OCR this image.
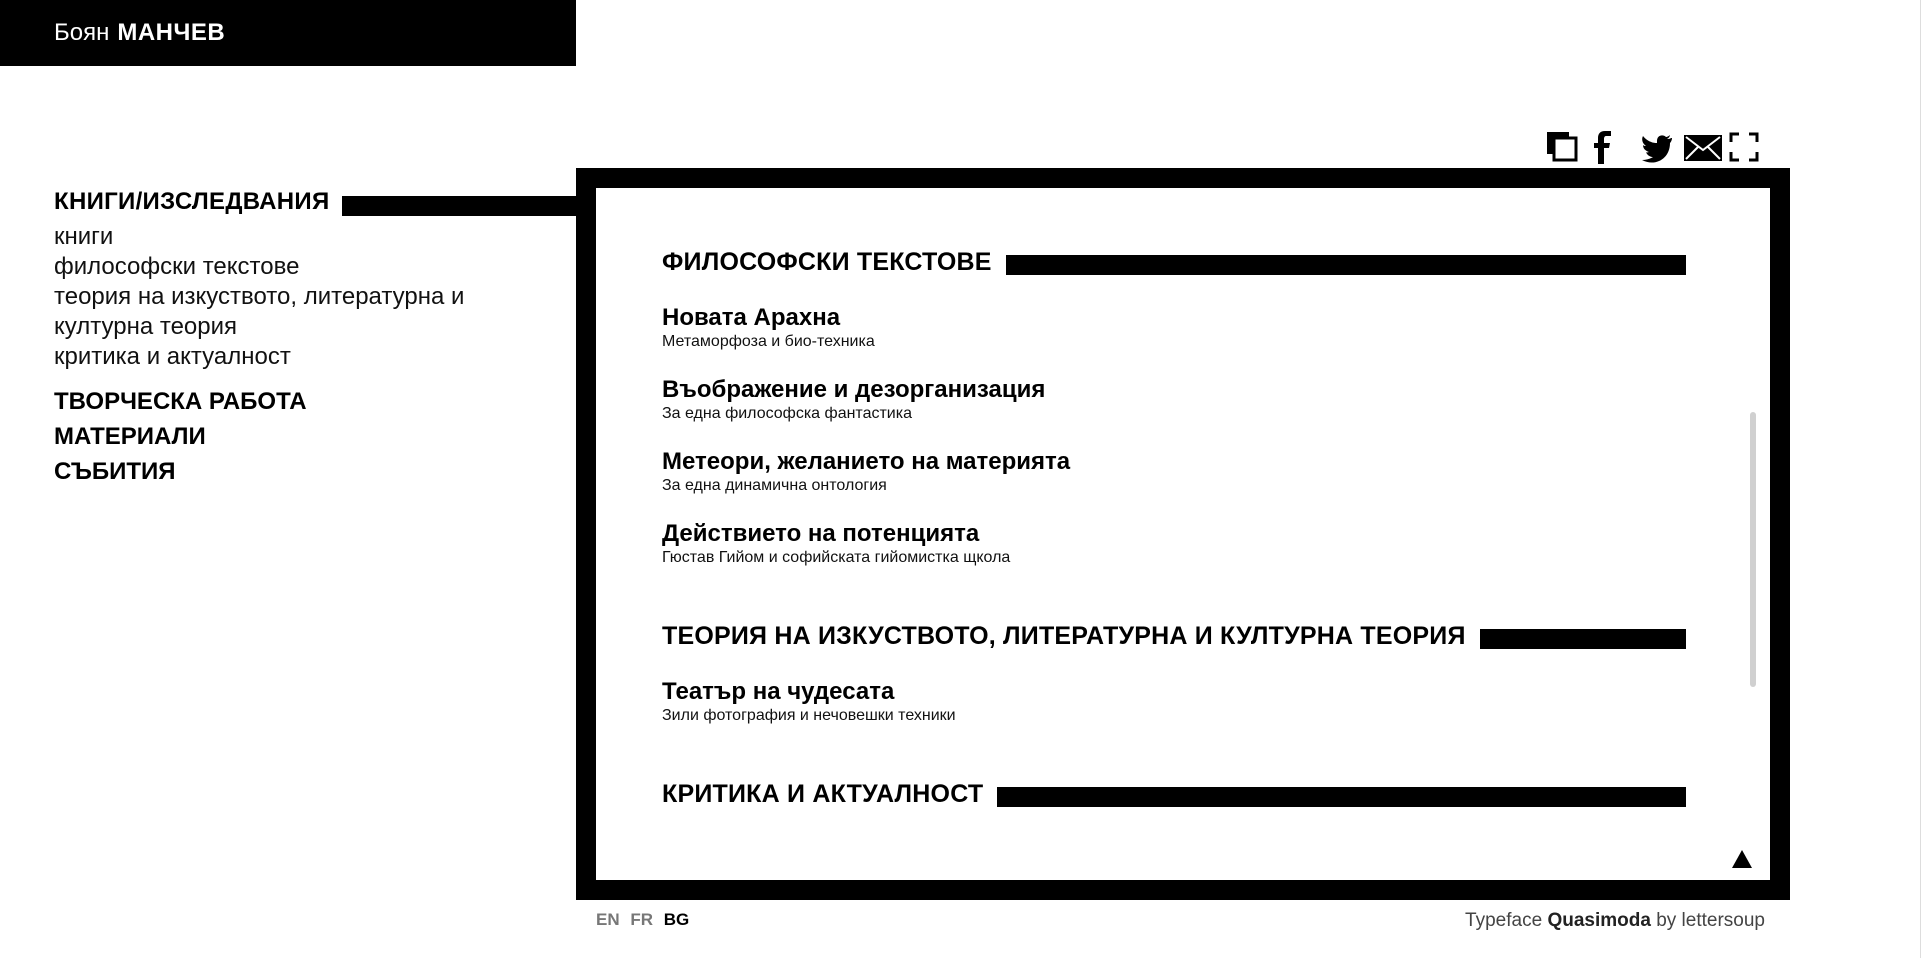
Боян МАНЧЕВ
КНИГИ/ИЗСЛЕДВАНИЯ
книги
философски текстове
теория на изкуството, литературна и културна теория
критика и актуалност
ТВОРЧЕСКА РАБОТА
МАТЕРИАЛИ
СЪБИТИЯ
ФИЛОСОФСКИ ТЕКСТОВЕ
Новата Арахна
Метаморфоза и био-техника
Въображение и дезорганизация
За една философска фантастика
Метеори, желанието на материята
За една динамична онтология
Действието на потенцията
Гюстав Гийом и софийската гийомистка щкола
ТЕОРИЯ НА ИЗКУСТВОТО, ЛИТЕРАТУРНА И КУЛТУРНА ТЕОРИЯ
Театър на чудесата
Зили фотография и нечовешки техники
КРИТИКА И АКТУАЛНОСТ
EN FR BG	Typeface Quasimoda by lettersoup
